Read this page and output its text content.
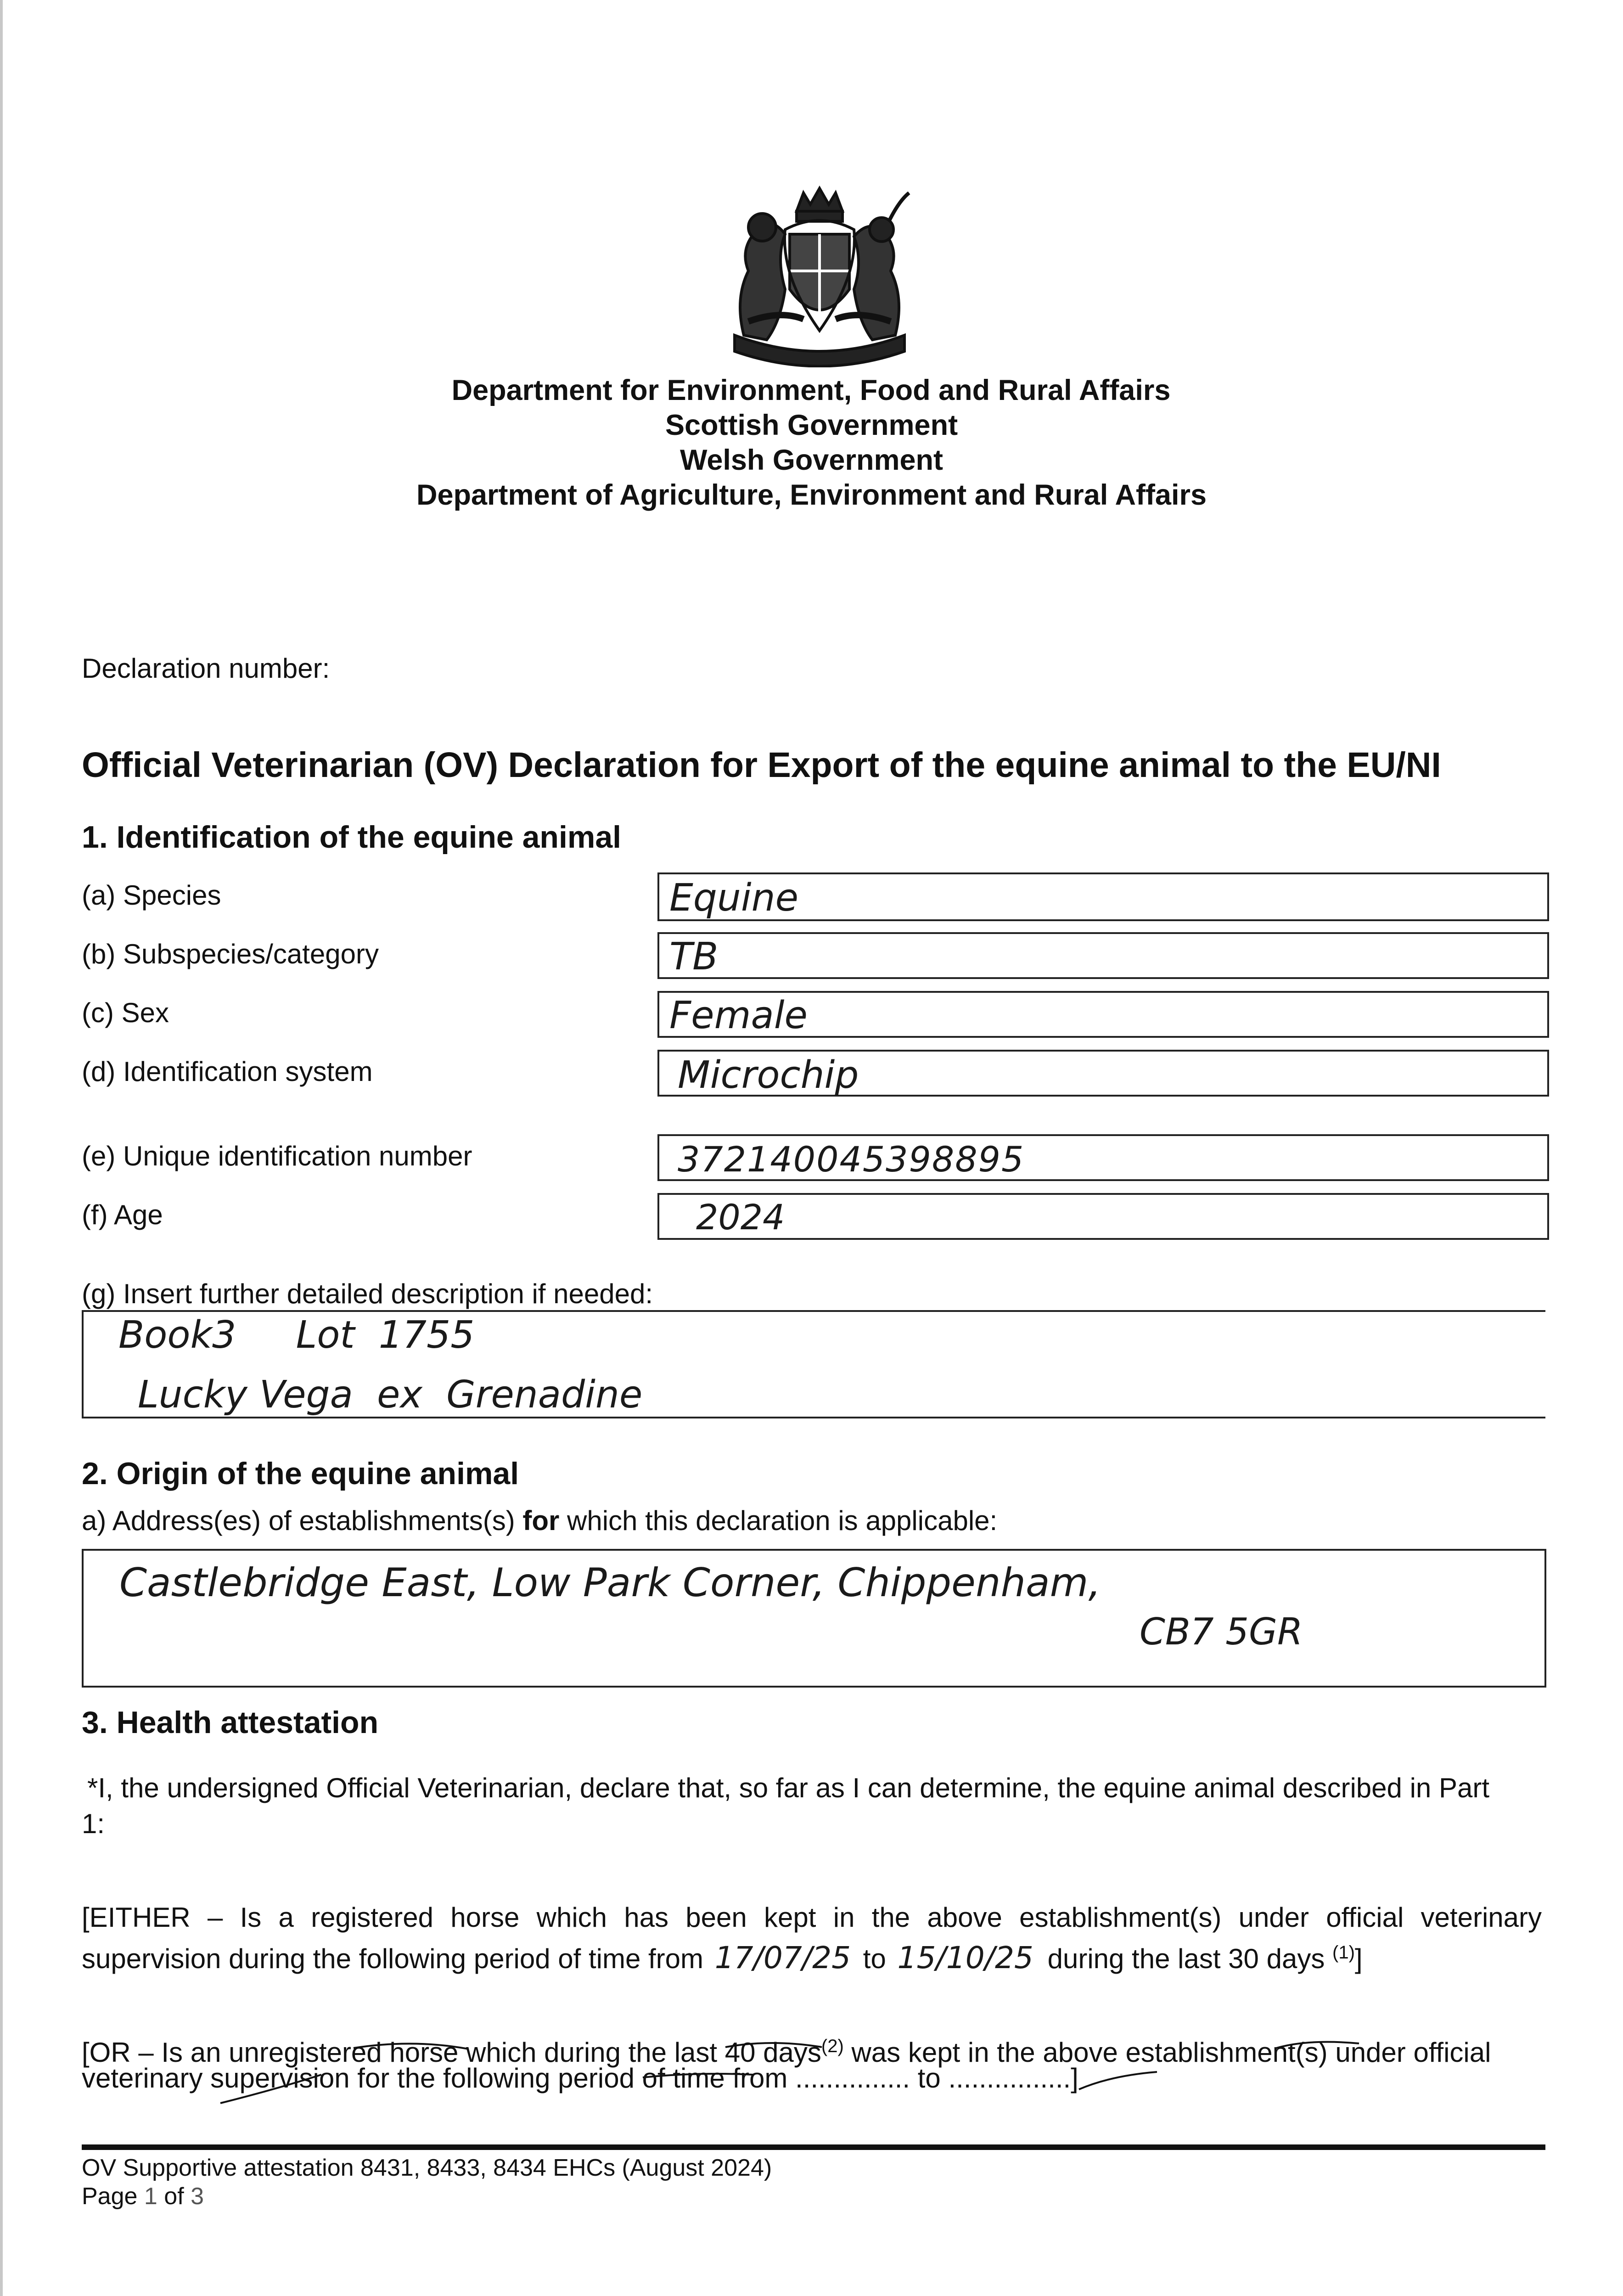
Department for Environment, Food and Rural Affairs
Scottish Government
Welsh Government
Department of Agriculture, Environment and Rural Affairs
Declaration number:
Official Veterinarian (OV) Declaration for Export of the equine animal to the EU/NI
1. Identification of the equine animal
(a) Species	Equine
(b) Subspecies/category	TB
(c) Sex	Female
(d) Identification system	Microchip
(e) Unique identification number	372140045398895
(f) Age	2024
(g) Insert further detailed description if needed:
Book3     Lot  1755
Lucky Vega  ex  Grenadine
2. Origin of the equine animal
a) Address(es) of establishments(s) for which this declaration is applicable:
Castlebridge East, Low Park Corner, Chippenham,
CB7 5GR
3. Health attestation
*I, the undersigned Official Veterinarian, declare that, so far as I can determine, the equine animal described in Part
1:
[EITHER – Is a registered horse which has been kept in the above establishment(s) under official veterinary
supervision during the following period of time from 17/07/25 to 15/10/25 during the last 30 days $^{(1)}$]
[OR – Is an unregistered horse which during the last 40 days$^{(2)}$ was kept in the above establishment(s) under official
veterinary supervision for the following period of time from ............... to ................]
OV Supportive attestation 8431, 8433, 8434 EHCs (August 2024)
Page 1 of 3
